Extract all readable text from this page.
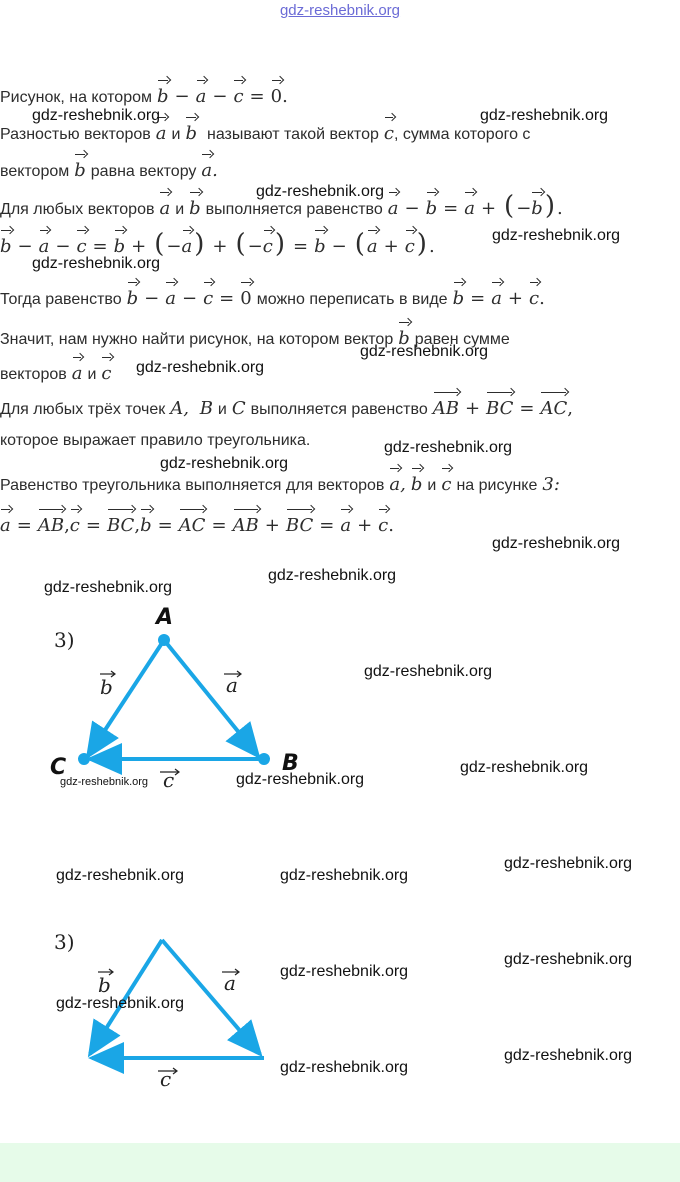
gdz-reshebnik.org
Рисунок, на котором b − a − c = 0.
Разностью векторов a и b называют такой вектор c , сумма которого с
вектором b равна вектору a .
Для любых векторов a и b выполняется равенство a − b = a + ( −b) .
b − a − c = b + ( −a) + ( −c) = b − ( a + c) .
Тогда равенство b − a − c = 0 можно переписать в виде b = a + c.
Значит, нам нужно найти рисунок, на котором вектор b равен сумме
векторов a и c
Для любых трёх точек A, B и C выполняется равенство AB + BC = AC,
которое выражает правило треугольника.
Равенство треугольника выполняется для векторов a , b и c на рисунке 3:
a = AB,c = BC,b = AC = AB + BC = a + c.
3)
A
B
C
b	a
c
3)
b	a
c
gdz-reshebnik.org	gdz-reshebnik.org
gdz-reshebnik.org
gdz-reshebnik.org
gdz-reshebnik.org
gdz-reshebnik.org
gdz-reshebnik.org
gdz-reshebnik.org
gdz-reshebnik.org
gdz-reshebnik.org
gdz-reshebnik.org
gdz-reshebnik.org
gdz-reshebnik.org
gdz-reshebnik.org
gdz-reshebnik.org
gdz-reshebnik.org
gdz-reshebnik.org
gdz-reshebnik.org	gdz-reshebnik.org
gdz-reshebnik.org
gdz-reshebnik.org
gdz-reshebnik.org
gdz-reshebnik.org
gdz-reshebnik.org
